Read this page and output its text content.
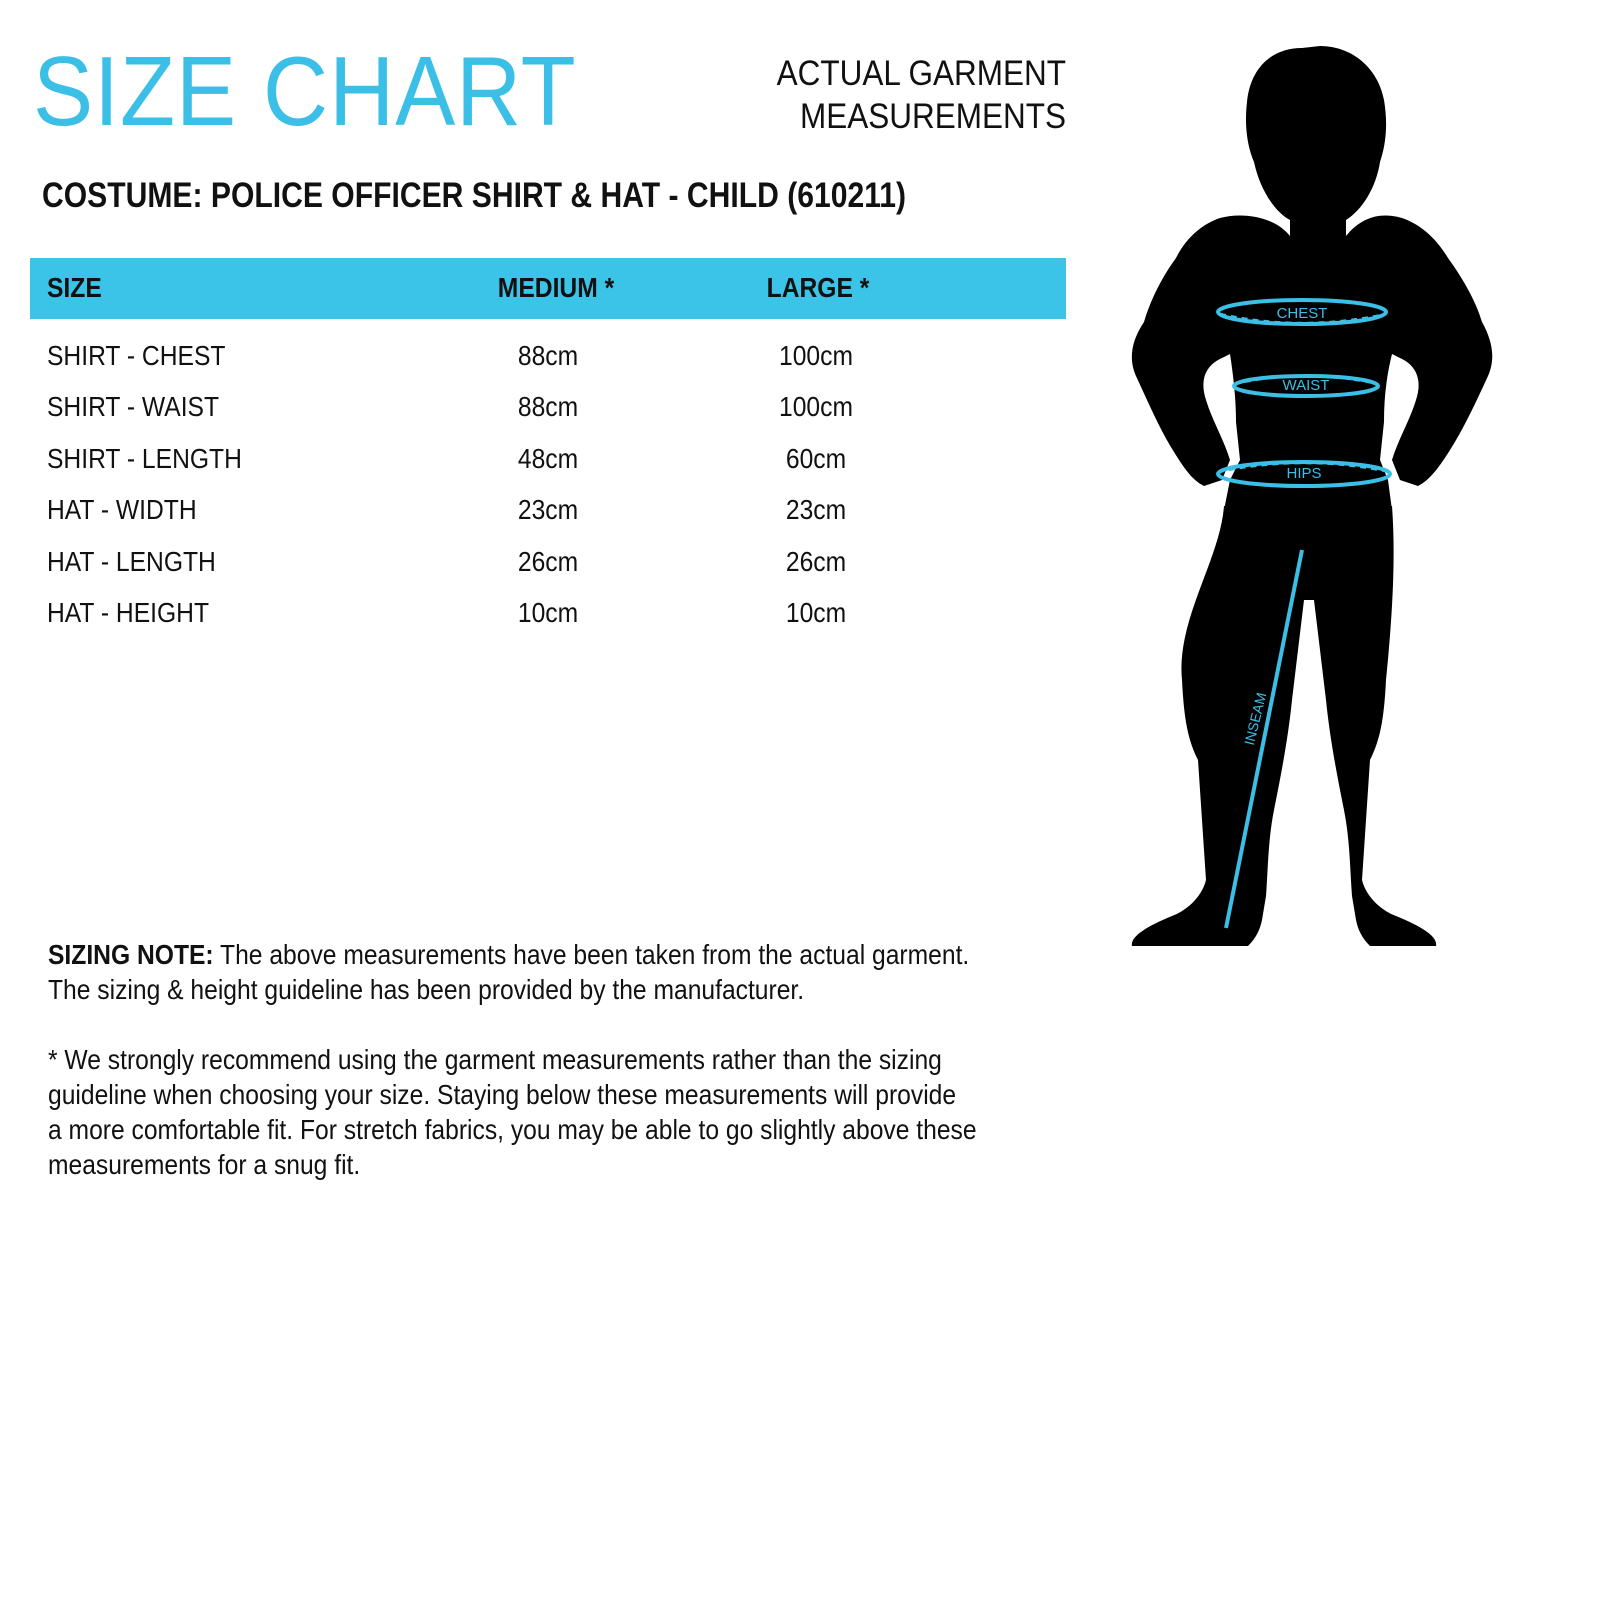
SIZE CHART	ACTUAL GARMENT
MEASUREMENTS
COSTUME: POLICE OFFICER SHIRT & HAT - CHILD (610211)
SIZE	MEDIUM *	LARGE *
SHIRT - CHEST	88cm	100cm
SHIRT - WAIST	88cm	100cm
SHIRT - LENGTH	48cm	60cm
HAT - WIDTH	23cm	23cm
HAT - LENGTH	26cm	26cm
HAT - HEIGHT	10cm	10cm

SIZING NOTE: The above measurements have been taken from the actual garment.

The sizing & height guideline has been provided by the manufacturer.

* We strongly recommend using the garment measurements rather than the sizing

guideline when choosing your size. Staying below these measurements will provide

a more comfortable fit. For stretch fabrics, you may be able to go slightly above these

measurements for a snug fit.

CHEST
WAIST
HIPS
INSEAM
